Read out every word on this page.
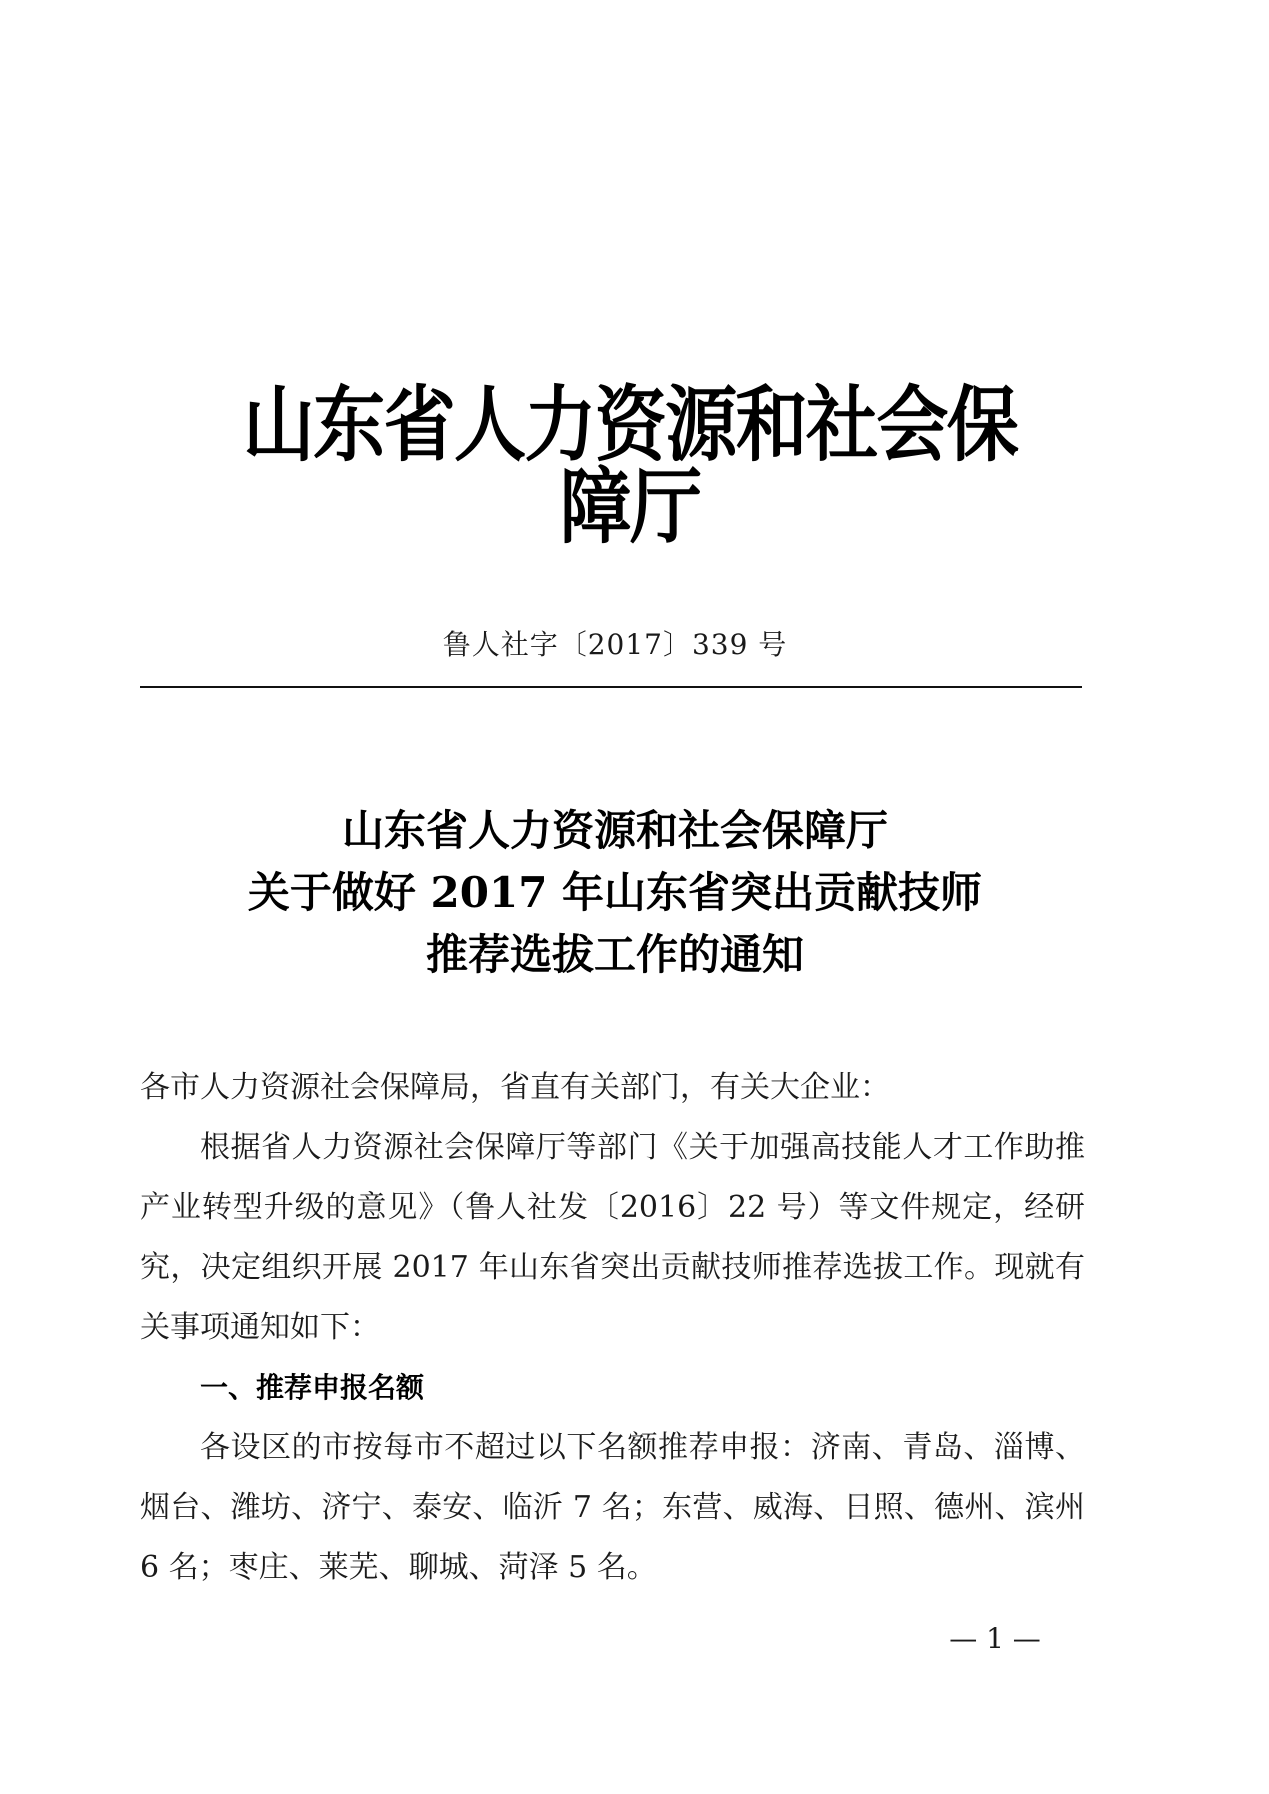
山东省人力资源和社会保障厅
鲁人社字〔2017〕339 号
山东省人力资源和社会保障厅
关于做好 2017 年山东省突出贡献技师
推荐选拔工作的通知

各市人力资源社会保障局，省直有关部门，有关大企业：

根据省人力资源社会保障厅等部门《关于加强高技能人才工作助推产业转型升级的意见》（鲁人社发〔2016〕22 号）等文件规定，经研究，决定组织开展 2017 年山东省突出贡献技师推荐选拔工作。现就有关事项通知如下：

一、推荐申报名额

各设区的市按每市不超过以下名额推荐申报：济南、青岛、淄博、烟台、潍坊、济宁、泰安、临沂 7 名；东营、威海、日照、德州、滨州 6 名；枣庄、莱芜、聊城、菏泽 5 名。

— 1 —
